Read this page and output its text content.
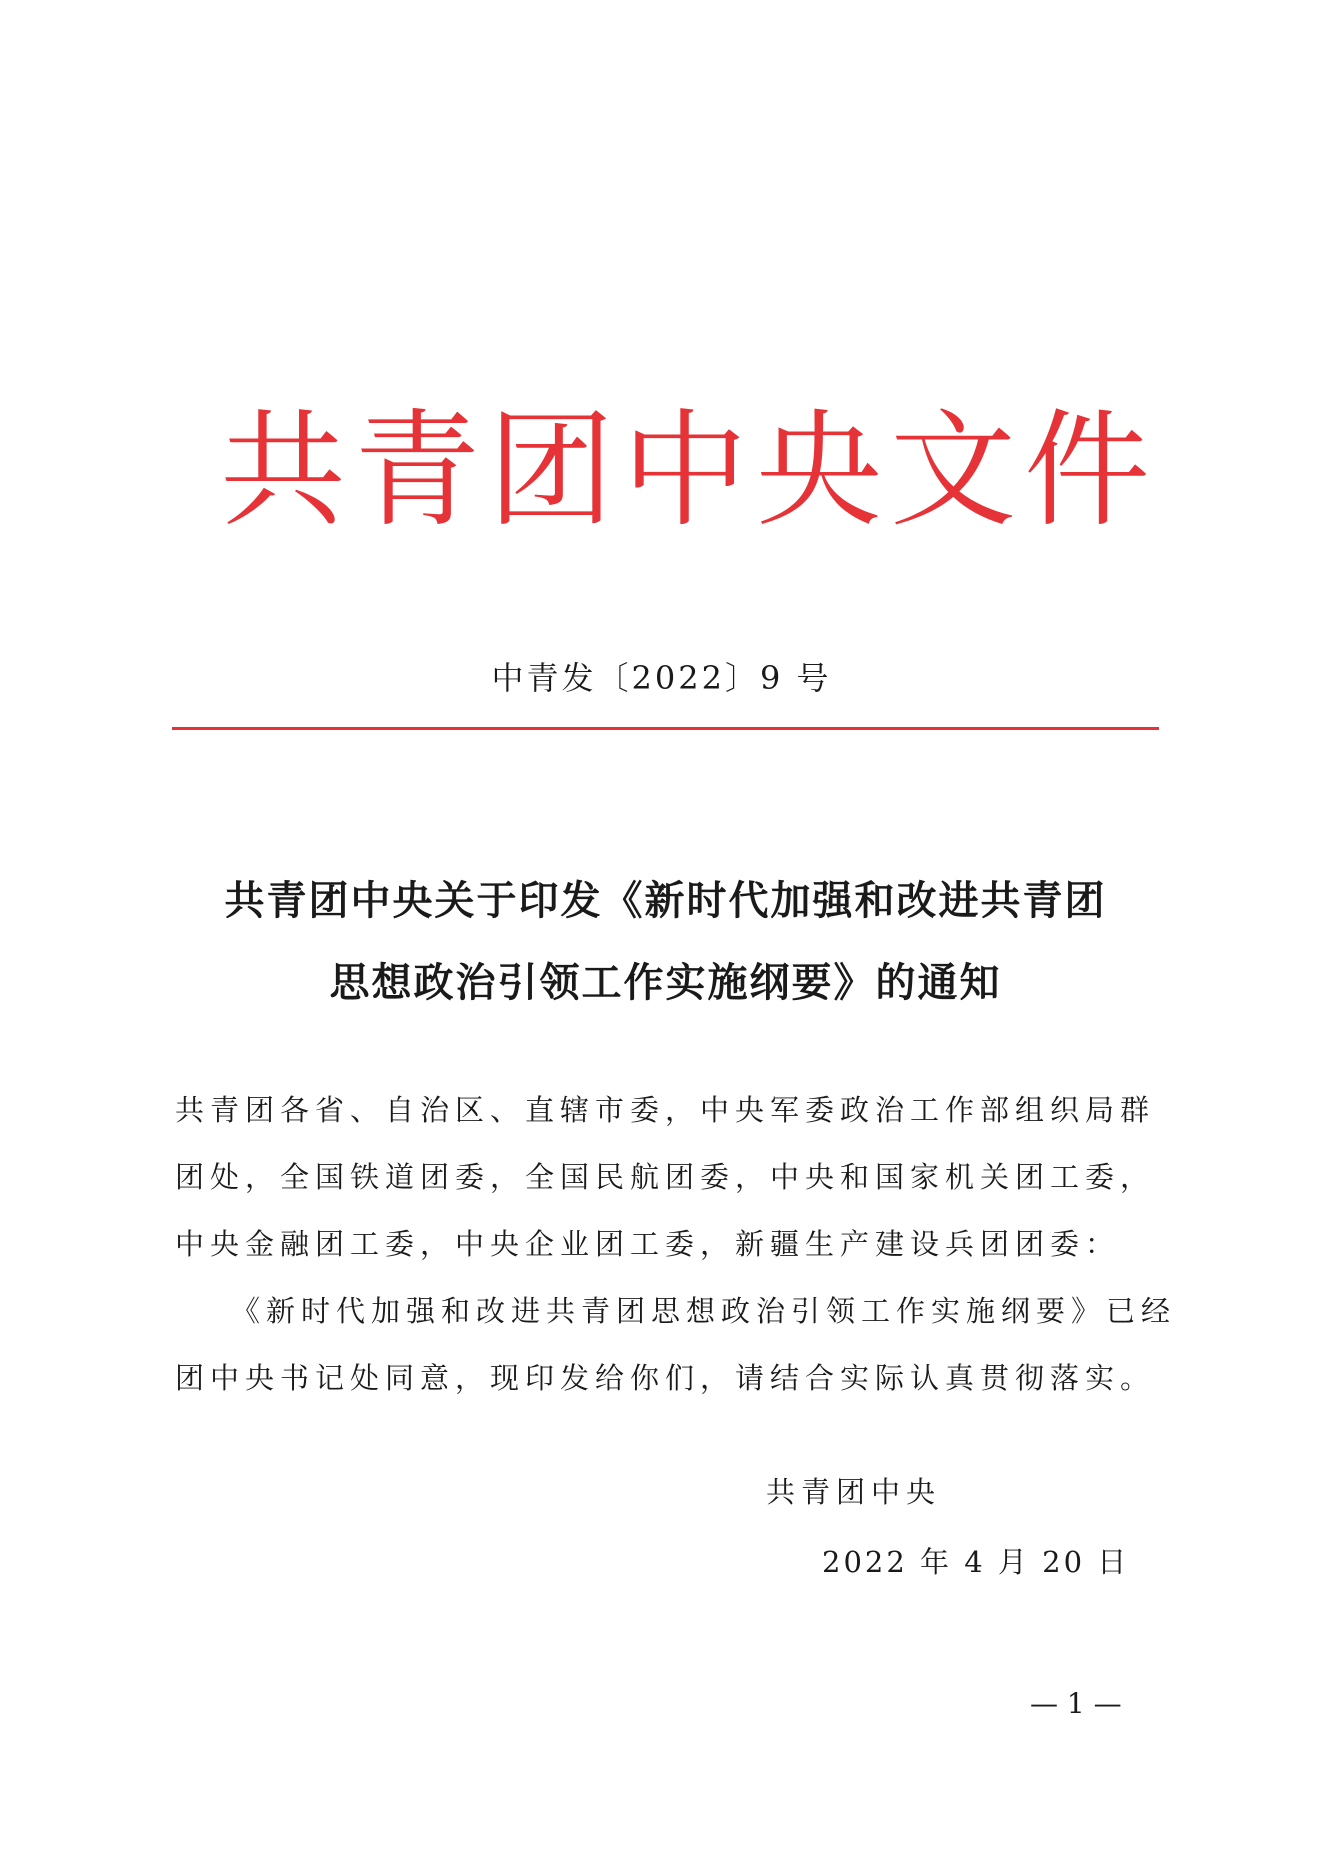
共青团中央文件
中青发〔2022〕9 号
共青团中央关于印发《新时代加强和改进共青团
思想政治引领工作实施纲要》的通知
共青团各省、自治区、直辖市委，中央军委政治工作部组织局群
团处，全国铁道团委，全国民航团委，中央和国家机关团工委，
中央金融团工委，中央企业团工委，新疆生产建设兵团团委：
《新时代加强和改进共青团思想政治引领工作实施纲要》已经
团中央书记处同意，现印发给你们，请结合实际认真贯彻落实。
共青团中央
2022 年 4 月 20 日
— 1 —
